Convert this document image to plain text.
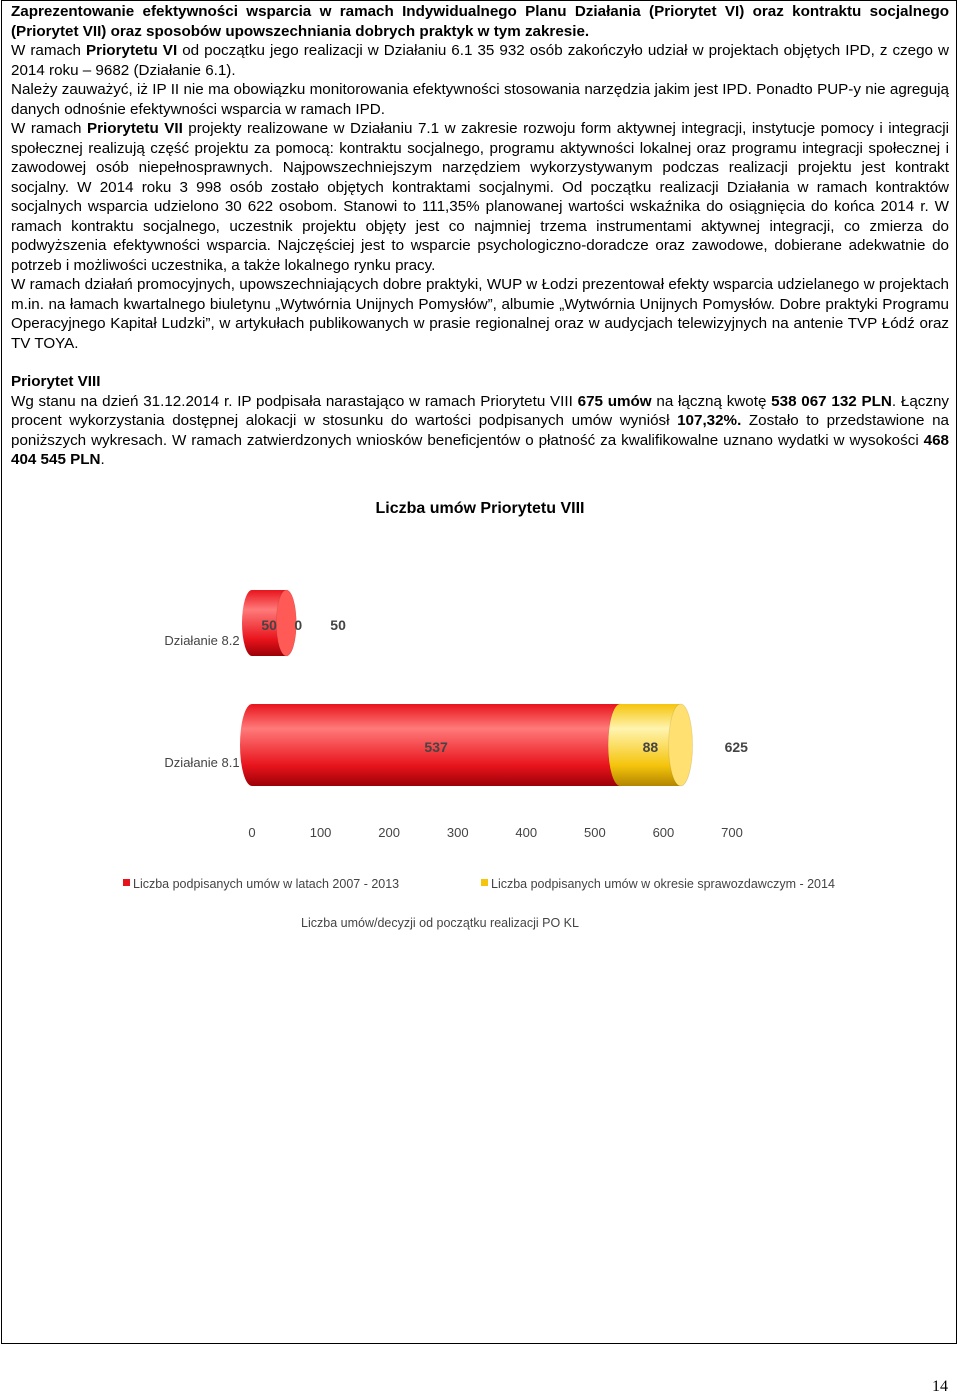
Zaprezentowanie efektywności wsparcia w ramach Indywidualnego Planu Działania (Priorytet VI) oraz kontraktu socjalnego (Priorytet VII) oraz sposobów upowszechniania dobrych praktyk w tym zakresie.

W ramach Priorytetu VI od początku jego realizacji w Działaniu 6.1 35 932 osób zakończyło udział w projektach objętych IPD, z czego w 2014 roku – 9682 (Działanie 6.1).

Należy zauważyć, iż IP II nie ma obowiązku monitorowania efektywności stosowania narzędzia jakim jest IPD. Ponadto PUP-y nie agregują danych odnośnie efektywności wsparcia w ramach IPD.

W ramach Priorytetu VII projekty realizowane w Działaniu 7.1 w zakresie rozwoju form aktywnej integracji, instytucje pomocy i integracji społecznej realizują część projektu za pomocą: kontraktu socjalnego, programu aktywności lokalnej oraz programu integracji społecznej i zawodowej osób niepełnosprawnych. Najpowszechniejszym narzędziem wykorzystywanym podczas realizacji projektu jest kontrakt socjalny. W 2014 roku 3 998 osób zostało objętych kontraktami socjalnymi. Od początku realizacji Działania w ramach kontraktów socjalnych wsparcia udzielono 30 622 osobom. Stanowi to 111,35% planowanej wartości wskaźnika do osiągnięcia do końca 2014 r. W ramach kontraktu socjalnego, uczestnik projektu objęty jest co najmniej trzema instrumentami aktywnej integracji, co zmierza do podwyższenia efektywności wsparcia. Najczęściej jest to wsparcie psychologiczno-doradcze oraz zawodowe, dobierane adekwatnie do potrzeb i możliwości uczestnika, a także lokalnego rynku pracy.

W ramach działań promocyjnych, upowszechniających dobre praktyki, WUP w Łodzi prezentował efekty wsparcia udzielanego w projektach m.in. na łamach kwartalnego biuletynu „Wytwórnia Unijnych Pomysłów”, albumie „Wytwórnia Unijnych Pomysłów. Dobre praktyki Programu Operacyjnego Kapitał Ludzki”, w artykułach publikowanych w prasie regionalnej oraz w audycjach telewizyjnych na antenie TVP Łódź oraz TV TOYA.

Priorytet VIII

Wg stanu na dzień 31.12.2014 r. IP podpisała narastająco w ramach Priorytetu VIII 675 umów na łączną kwotę 538 067 132 PLN. Łączny procent wykorzystania dostępnej alokacji w stosunku do wartości podpisanych umów wyniósł 107,32%. Zostało to przedstawione na poniższych wykresach. W ramach zatwierdzonych wniosków beneficjentów o płatność za kwalifikowalne uznano wydatki w wysokości 468 404 545 PLN.

Liczba umów Priorytetu VIII
Działanie 8.2
50 0 50
Działanie 8.1
537	88	625
0	100	200	300	400	500	600	700
Liczba podpisanych umów w latach 2007 - 2013	Liczba podpisanych umów w okresie sprawozdawczym - 2014
Liczba umów/decyzji od początku realizacji PO KL
14
